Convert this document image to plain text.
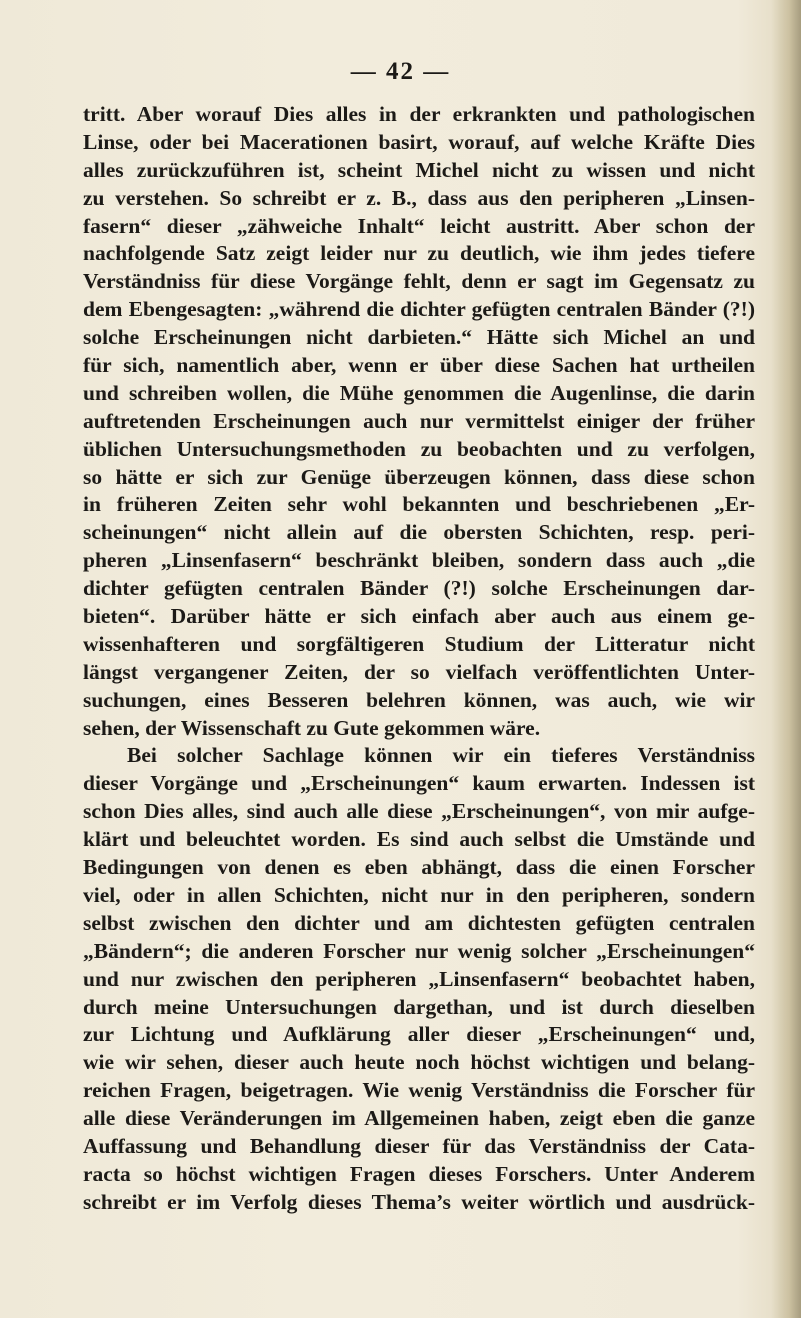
— 42 —
tritt. Aber worauf Dies alles in der erkrankten und pathologischen
Linse, oder bei Macerationen basirt, worauf, auf welche Kräfte Dies
alles zurückzuführen ist, scheint Michel nicht zu wissen und nicht
zu verstehen. So schreibt er z. B., dass aus den peripheren „Linsen-
fasern“ dieser „zähweiche Inhalt“ leicht austritt. Aber schon der
nachfolgende Satz zeigt leider nur zu deutlich, wie ihm jedes tiefere
Verständniss für diese Vorgänge fehlt, denn er sagt im Gegensatz zu
dem Ebengesagten: „während die dichter gefügten centralen Bänder (?!)
solche Erscheinungen nicht darbieten.“ Hätte sich Michel an und
für sich, namentlich aber, wenn er über diese Sachen hat urtheilen
und schreiben wollen, die Mühe genommen die Augenlinse, die darin
auftretenden Erscheinungen auch nur vermittelst einiger der früher
üblichen Untersuchungsmethoden zu beobachten und zu verfolgen,
so hätte er sich zur Genüge überzeugen können, dass diese schon
in früheren Zeiten sehr wohl bekannten und beschriebenen „Er-
scheinungen“ nicht allein auf die obersten Schichten, resp. peri-
pheren „Linsenfasern“ beschränkt bleiben, sondern dass auch „die
dichter gefügten centralen Bänder (?!) solche Erscheinungen dar-
bieten“. Darüber hätte er sich einfach aber auch aus einem ge-
wissenhafteren und sorgfältigeren Studium der Litteratur nicht
längst vergangener Zeiten, der so vielfach veröffentlichten Unter-
suchungen, eines Besseren belehren können, was auch, wie wir
sehen, der Wissenschaft zu Gute gekommen wäre.
Bei solcher Sachlage können wir ein tieferes Verständniss
dieser Vorgänge und „Erscheinungen“ kaum erwarten. Indessen ist
schon Dies alles, sind auch alle diese „Erscheinungen“, von mir aufge-
klärt und beleuchtet worden. Es sind auch selbst die Umstände und
Bedingungen von denen es eben abhängt, dass die einen Forscher
viel, oder in allen Schichten, nicht nur in den peripheren, sondern
selbst zwischen den dichter und am dichtesten gefügten centralen
„Bändern“; die anderen Forscher nur wenig solcher „Erscheinungen“
und nur zwischen den peripheren „Linsenfasern“ beobachtet haben,
durch meine Untersuchungen dargethan, und ist durch dieselben
zur Lichtung und Aufklärung aller dieser „Erscheinungen“ und,
wie wir sehen, dieser auch heute noch höchst wichtigen und belang-
reichen Fragen, beigetragen. Wie wenig Verständniss die Forscher für
alle diese Veränderungen im Allgemeinen haben, zeigt eben die ganze
Auffassung und Behandlung dieser für das Verständniss der Cata-
racta so höchst wichtigen Fragen dieses Forschers. Unter Anderem
schreibt er im Verfolg dieses Thema’s weiter wörtlich und ausdrück-
